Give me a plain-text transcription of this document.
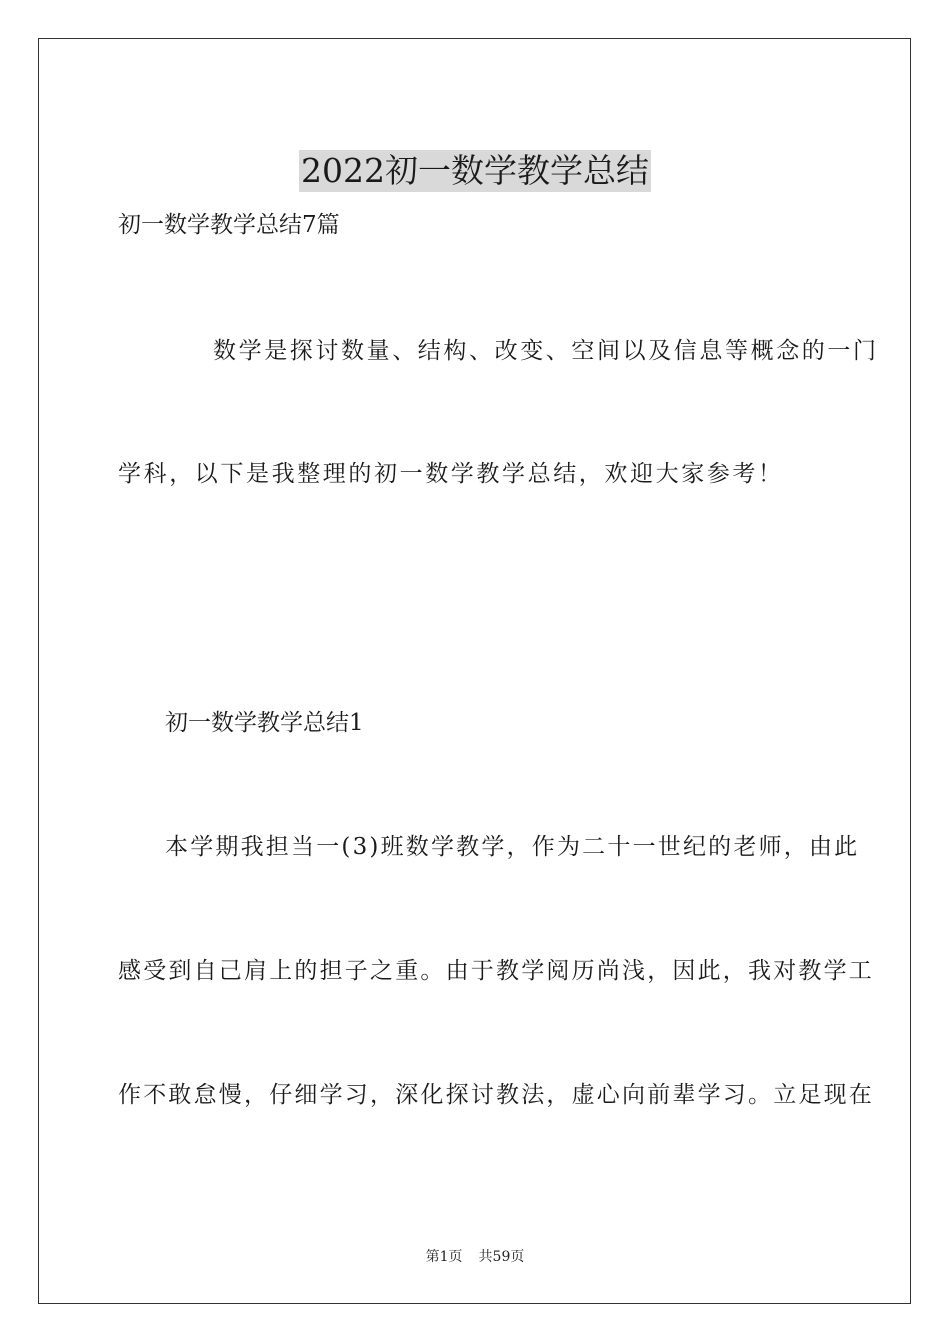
2022初一数学教学总结
初一数学教学总结7篇
数学是探讨数量、结构、改变、空间以及信息等概念的一门
学科，以下是我整理的初一数学教学总结，欢迎大家参考！
初一数学教学总结1
本学期我担当一(3)班数学教学，作为二十一世纪的老师，由此
感受到自己肩上的担子之重。由于教学阅历尚浅，因此，我对教学工
作不敢怠慢，仔细学习，深化探讨教法，虚心向前辈学习。立足现在
第1页 共59页
